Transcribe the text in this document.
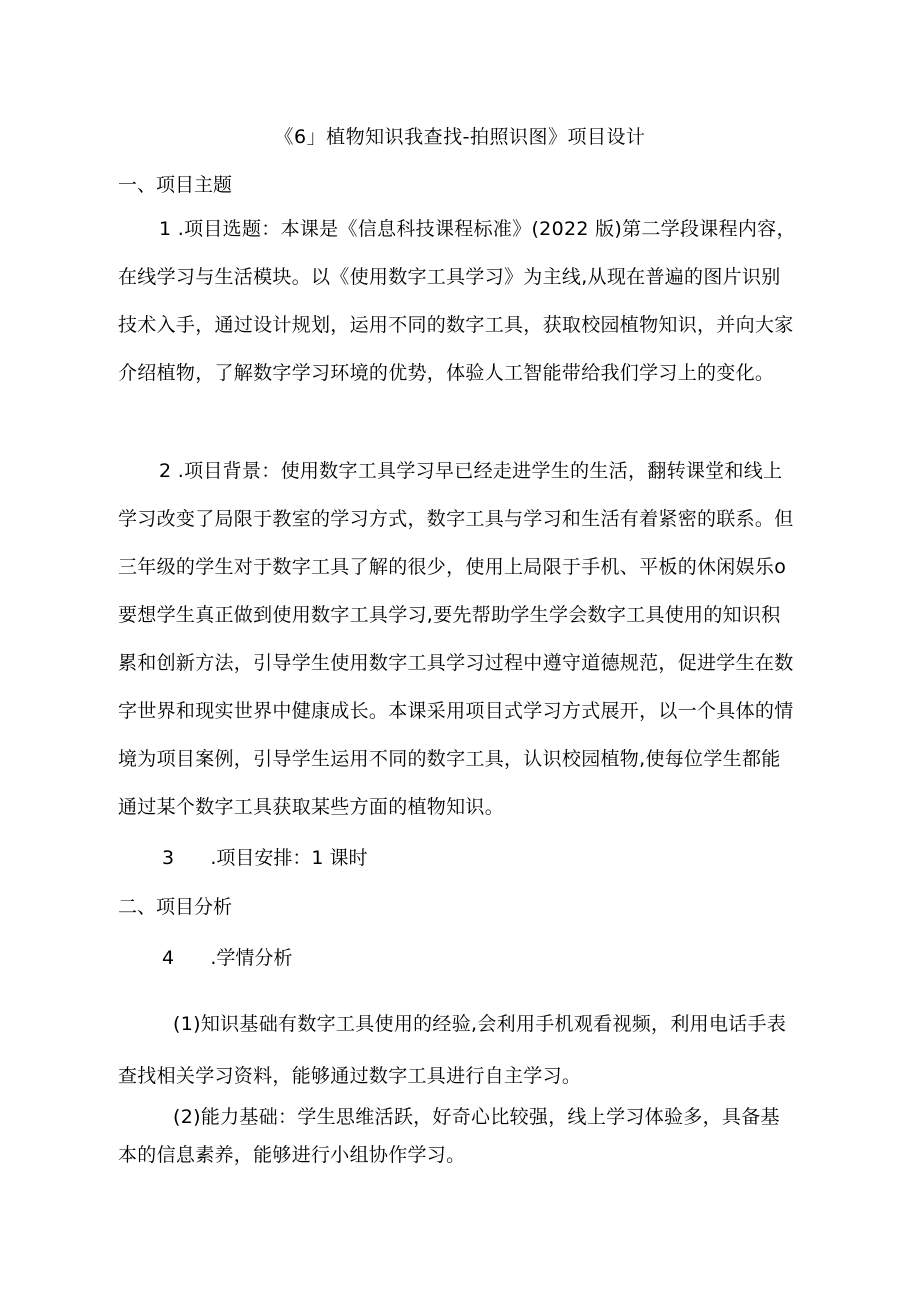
《6」植物知识我查找-拍照识图》项目设计
一、项目主题

1 .项目选题：本课是《信息科技课程标准》(2022 版)第二学段课程内容，在线学习与生活模块。以《使用数字工具学习》为主线,从现在普遍的图片识别技术入手，通过设计规划，运用不同的数字工具，获取校园植物知识，并向大家介绍植物，了解数字学习环境的优势，体验人工智能带给我们学习上的变化。

2 .项目背景：使用数字工具学习早已经走进学生的生活，翻转课堂和线上学习改变了局限于教室的学习方式，数字工具与学习和生活有着紧密的联系。但三年级的学生对于数字工具了解的很少，使用上局限于手机、平板的休闲娱乐o要想学生真正做到使用数字工具学习,要先帮助学生学会数字工具使用的知识积累和创新方法，引导学生使用数字工具学习过程中遵守道德规范，促进学生在数字世界和现实世界中健康成长。本课采用项目式学习方式展开，以一个具体的情境为项目案例，引导学生运用不同的数字工具，认识校园植物,使每位学生都能通过某个数字工具获取某些方面的植物知识。

3	.项目安排：1 课时
二、项目分析
4	.学情分析

(1)知识基础有数字工具使用的经验,会利用手机观看视频，利用电话手表查找相关学习资料，能够通过数字工具进行自主学习。

(2)能力基础：学生思维活跃，好奇心比较强，线上学习体验多，具备基本的信息素养，能够进行小组协作学习。
